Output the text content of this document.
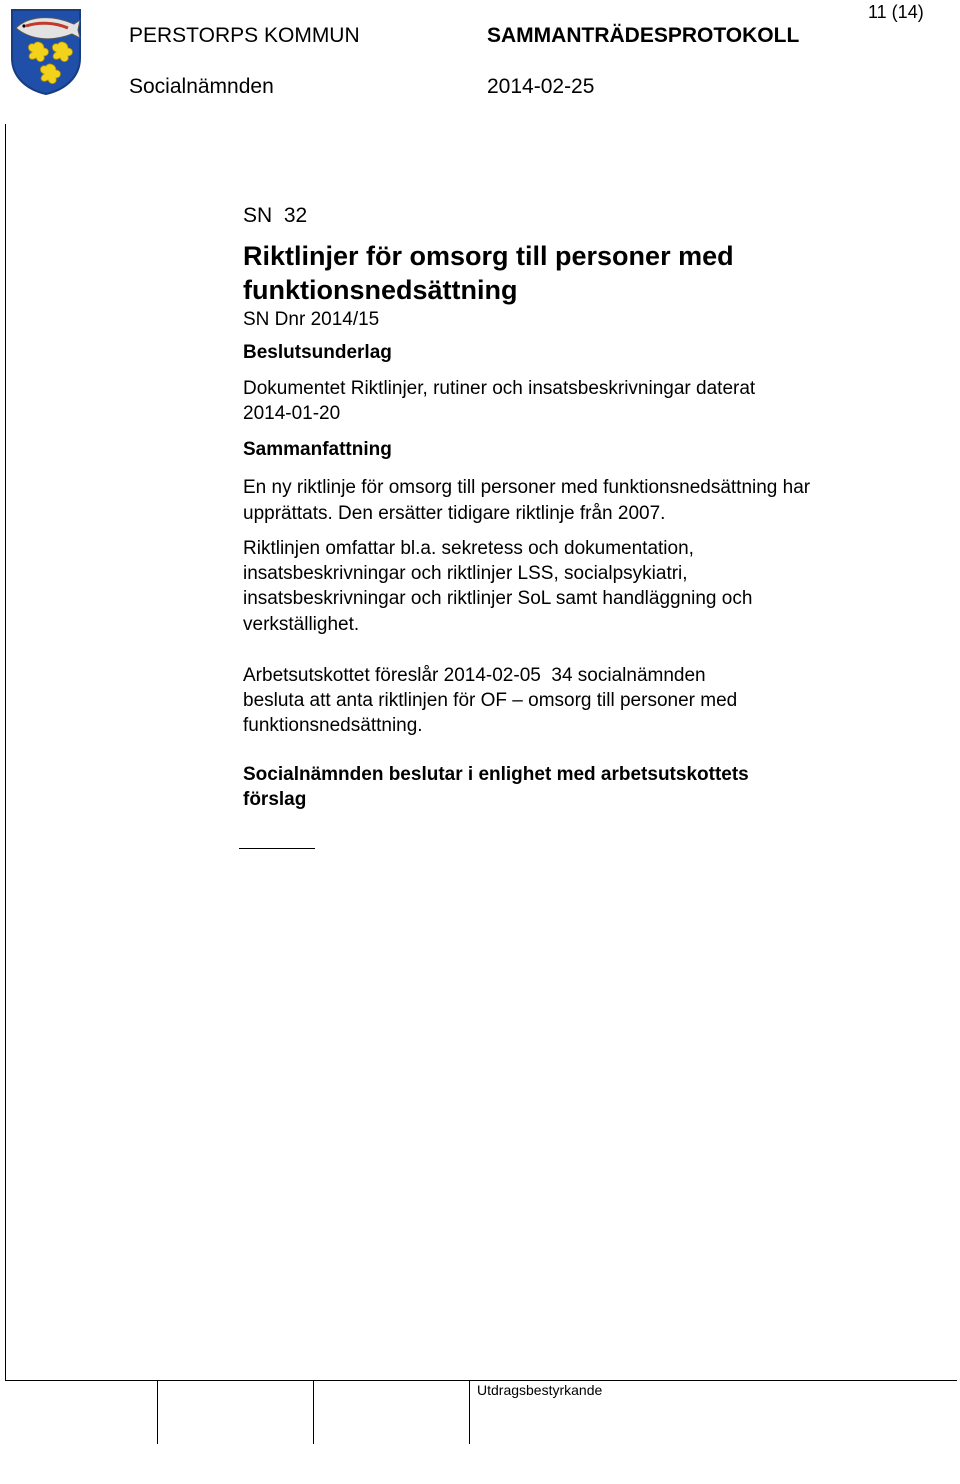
11 (14)
PERSTORPS KOMMUN	SAMMANTRÄDESPROTOKOLL
Socialnämnden	2014-02-25
SN  32
Riktlinjer för omsorg till personer med
funktionsnedsättning
SN Dnr 2014/15
Beslutsunderlag
Dokumentet Riktlinjer, rutiner och insatsbeskrivningar daterat
2014-01-20
Sammanfattning
En ny riktlinje för omsorg till personer med funktionsnedsättning har
upprättats. Den ersätter tidigare riktlinje från 2007.
Riktlinjen omfattar bl.a. sekretess och dokumentation,
insatsbeskrivningar och riktlinjer LSS, socialpsykiatri,
insatsbeskrivningar och riktlinjer SoL samt handläggning och
verkställighet.
Arbetsutskottet föreslår 2014-02-05  34 socialnämnden
besluta att anta riktlinjen för OF – omsorg till personer med
funktionsnedsättning.
Socialnämnden beslutar i enlighet med arbetsutskottets
förslag
Utdragsbestyrkande
